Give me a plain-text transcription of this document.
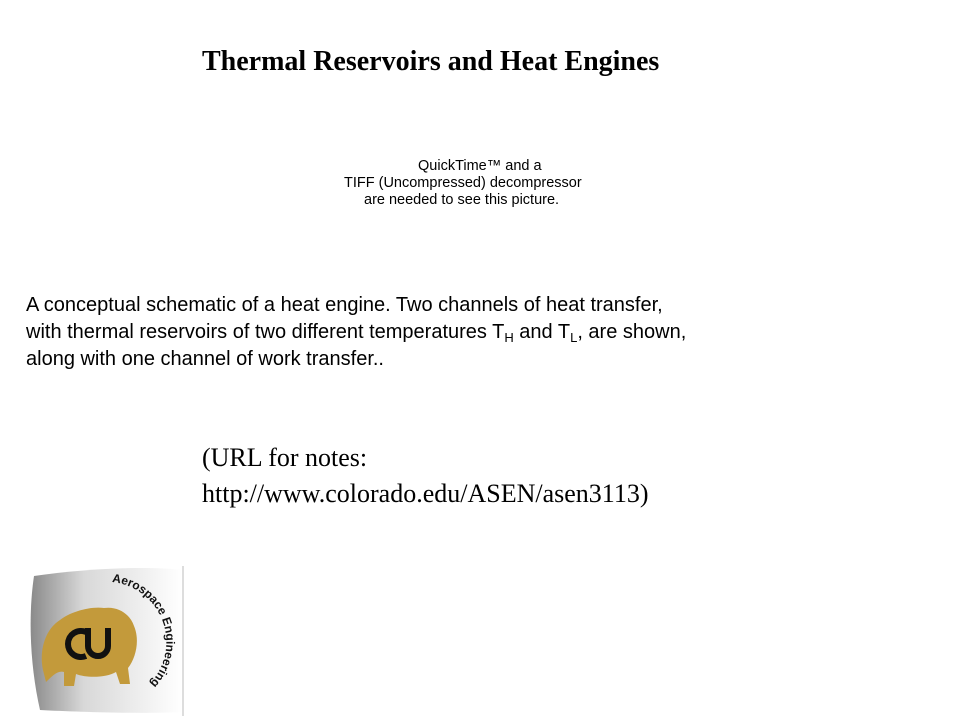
Thermal Reservoirs and Heat Engines
QuickTime™ and a
TIFF (Uncompressed) decompressor
are needed to see this picture.
A conceptual schematic of a heat engine. Two channels of heat transfer,
with thermal reservoirs of two different temperatures $T_H$ and $T_L$, are shown,
along with one channel of work transfer..
(URL for notes:
http://www.colorado.edu/ASEN/asen3113)
Aerospace Engineering
